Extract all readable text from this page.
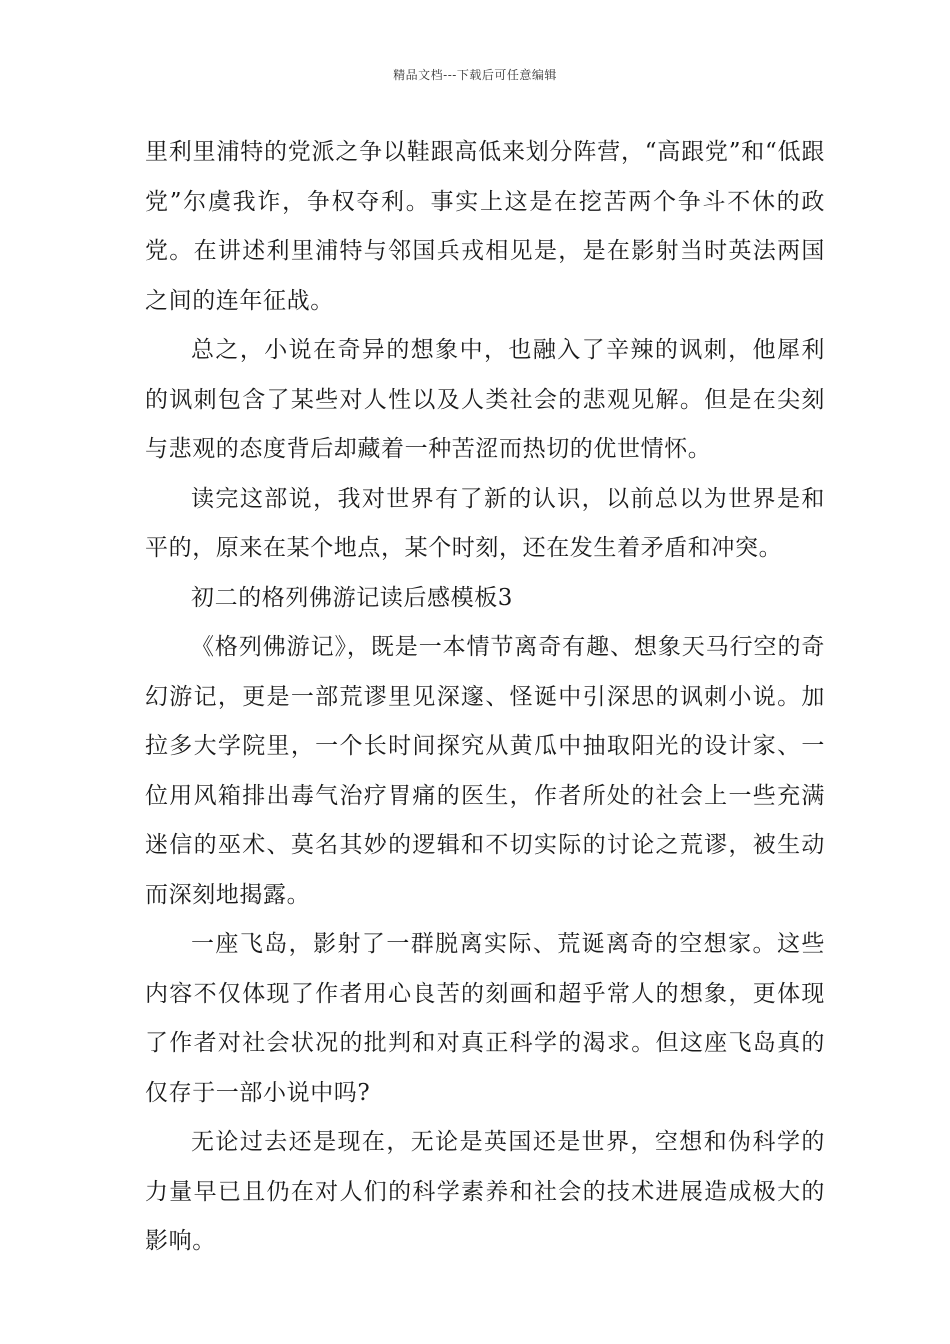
精品文档---下载后可任意编辑

里利里浦特的党派之争以鞋跟高低来划分阵营，“高跟党”和“低跟党”尔虞我诈，争权夺利。事实上这是在挖苦两个争斗不休的政党。在讲述利里浦特与邻国兵戎相见是，是在影射当时英法两国之间的连年征战。

总之，小说在奇异的想象中，也融入了辛辣的讽刺，他犀利的讽刺包含了某些对人性以及人类社会的悲观见解。但是在尖刻与悲观的态度背后却藏着一种苦涩而热切的优世情怀。

读完这部说，我对世界有了新的认识，以前总以为世界是和平的，原来在某个地点，某个时刻，还在发生着矛盾和冲突。

初二的格列佛游记读后感模板3

《格列佛游记》，既是一本情节离奇有趣、想象天马行空的奇幻游记，更是一部荒谬里见深邃、怪诞中引深思的讽刺小说。加拉多大学院里，一个长时间探究从黄瓜中抽取阳光的设计家、一位用风箱排出毒气治疗胃痛的医生，作者所处的社会上一些充满迷信的巫术、莫名其妙的逻辑和不切实际的讨论之荒谬，被生动而深刻地揭露。

一座飞岛，影射了一群脱离实际、荒诞离奇的空想家。这些内容不仅体现了作者用心良苦的刻画和超乎常人的想象，更体现了作者对社会状况的批判和对真正科学的渴求。但这座飞岛真的仅存于一部小说中吗?

无论过去还是现在，无论是英国还是世界，空想和伪科学的力量早已且仍在对人们的科学素养和社会的技术进展造成极大的影响。
